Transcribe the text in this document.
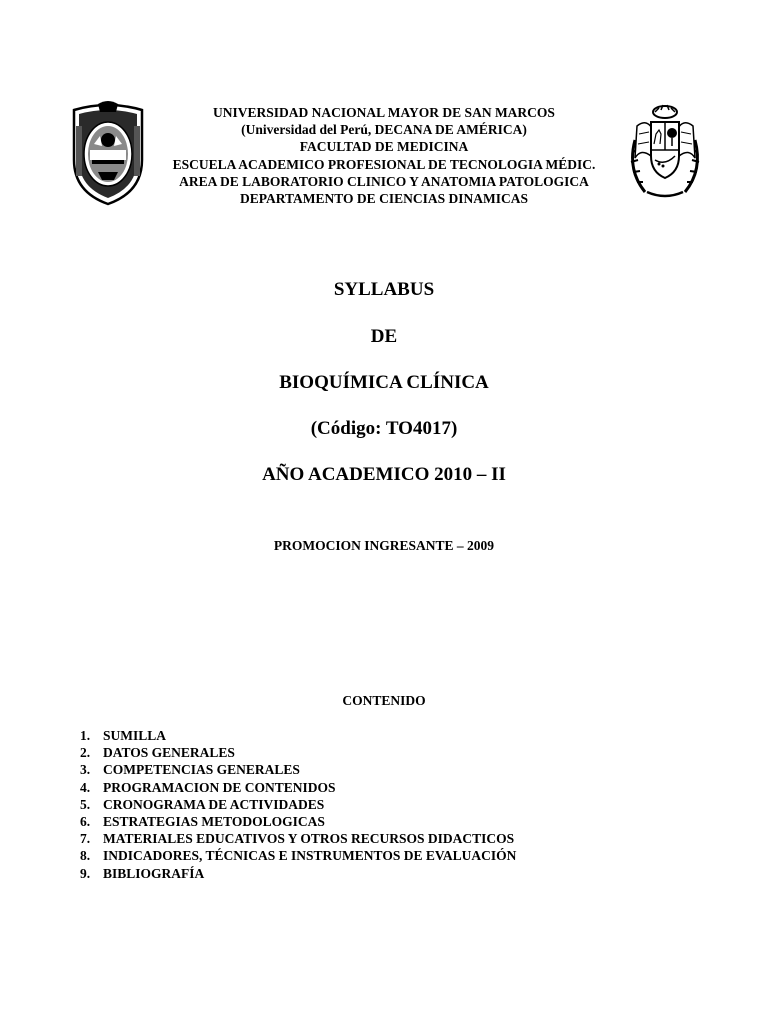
UNIVERSIDAD NACIONAL MAYOR DE SAN MARCOS
(Universidad del Perú, DECANA DE AMÉRICA)
FACULTAD DE MEDICINA
ESCUELA ACADEMICO PROFESIONAL DE TECNOLOGIA MÉDIC.
AREA DE LABORATORIO CLINICO Y ANATOMIA PATOLOGICA
DEPARTAMENTO DE CIENCIAS DINAMICAS
SYLLABUS
DE
BIOQUÍMICA CLÍNICA
(Código: TO4017)
AÑO ACADEMICO 2010 – II
PROMOCION INGRESANTE – 2009
CONTENIDO
1. SUMILLA
2. DATOS GENERALES
3. COMPETENCIAS GENERALES
4. PROGRAMACION DE CONTENIDOS
5. CRONOGRAMA DE ACTIVIDADES
6. ESTRATEGIAS METODOLOGICAS
7. MATERIALES EDUCATIVOS Y OTROS RECURSOS DIDACTICOS
8. INDICADORES, TÉCNICAS E INSTRUMENTOS DE EVALUACIÓN
9. BIBLIOGRAFÍA
